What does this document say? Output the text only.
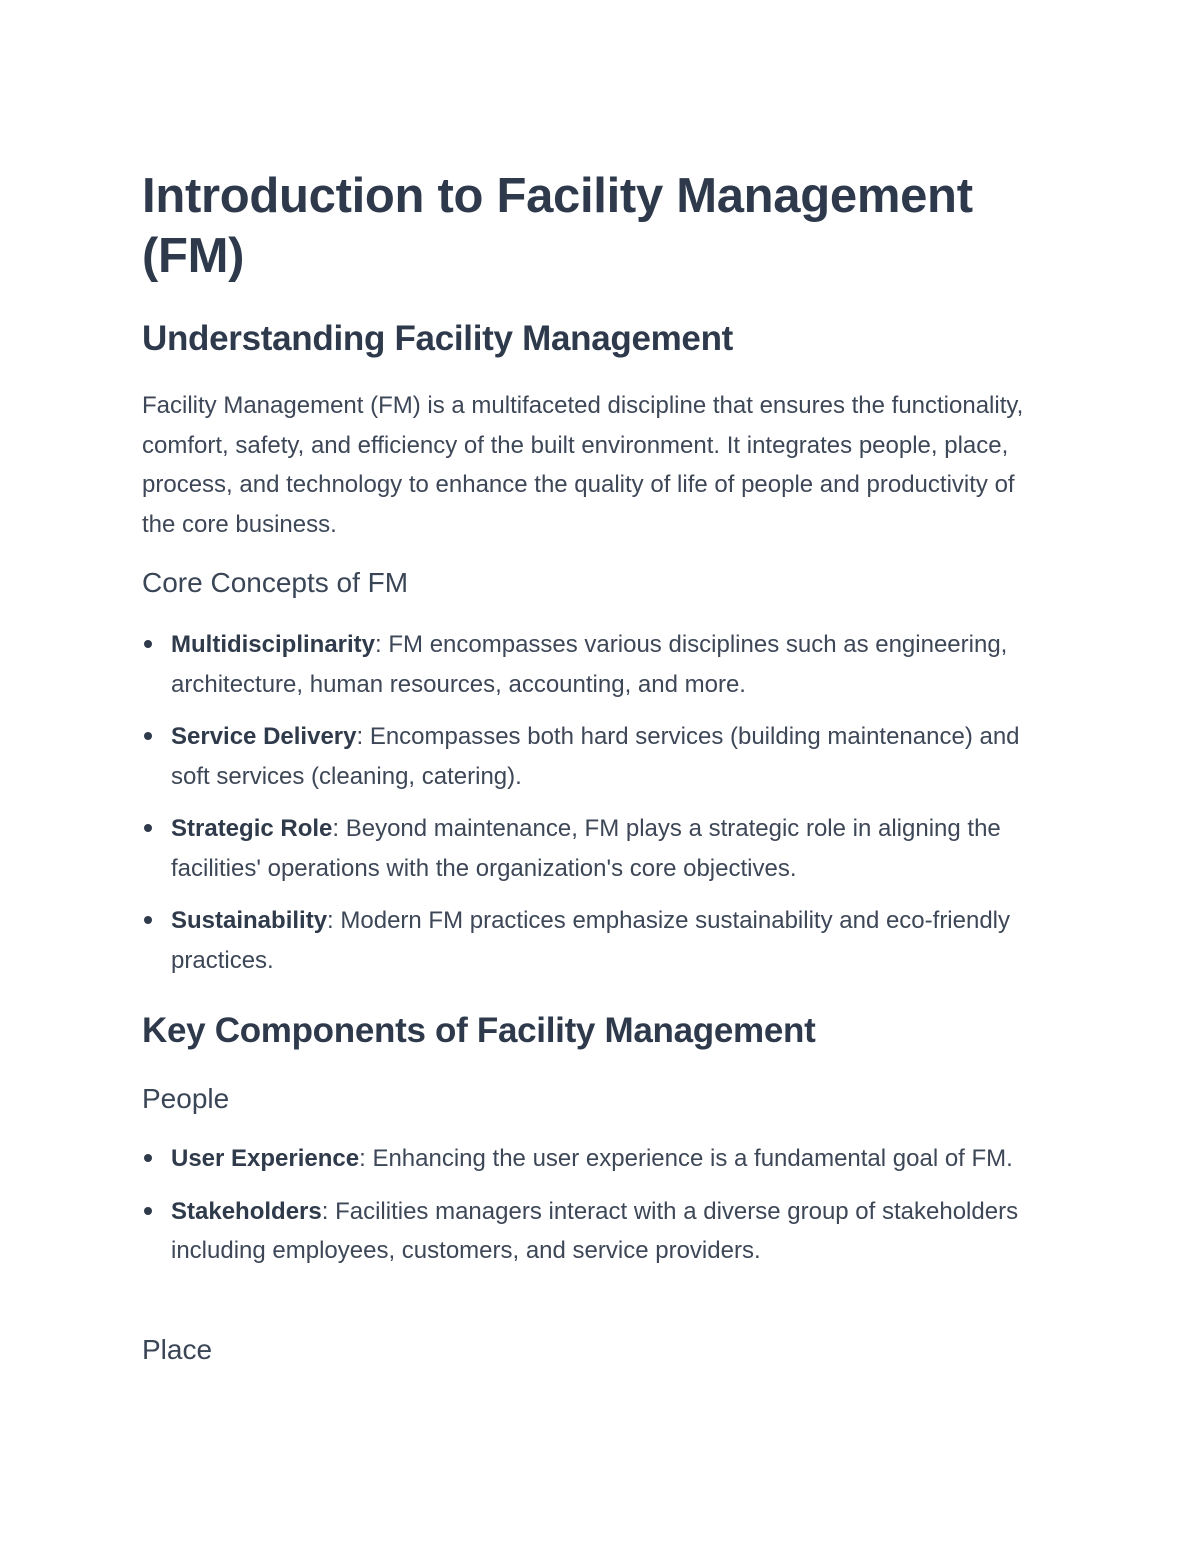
Introduction to Facility Management (FM)
Understanding Facility Management

Facility Management (FM) is a multifaceted discipline that ensures the functionality, comfort, safety, and efficiency of the built environment. It integrates people, place, process, and technology to enhance the quality of life of people and productivity of the core business.

Core Concepts of FM
Multidisciplinarity: FM encompasses various disciplines such as engineering, architecture, human resources, accounting, and more.
Service Delivery: Encompasses both hard services (building maintenance) and soft services (cleaning, catering).
Strategic Role: Beyond maintenance, FM plays a strategic role in aligning the facilities' operations with the organization's core objectives.
Sustainability: Modern FM practices emphasize sustainability and eco-friendly practices.
Key Components of Facility Management
People
User Experience: Enhancing the user experience is a fundamental goal of FM.
Stakeholders: Facilities managers interact with a diverse group of stakeholders including employees, customers, and service providers.
Place
